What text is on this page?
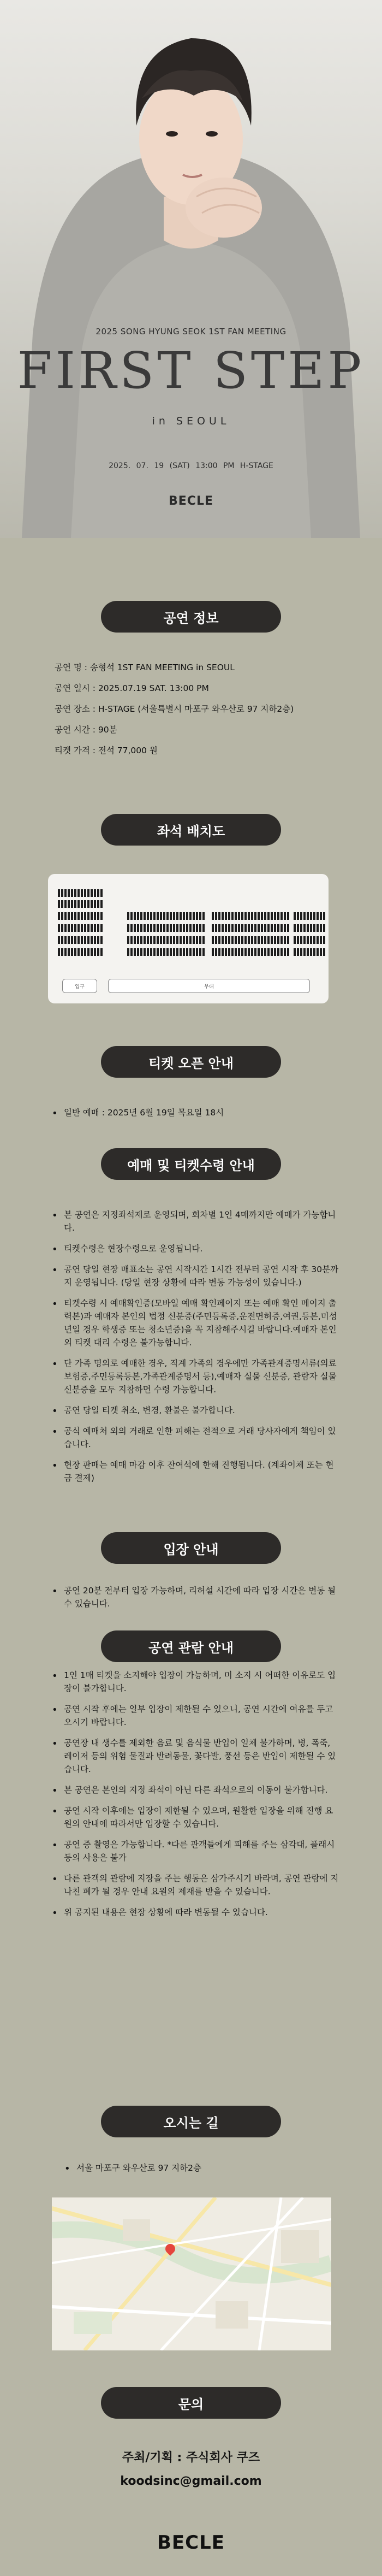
2025 SONG HYUNG SEOK 1ST FAN MEETING
FIRST STEP
in SEOUL
2025. 07. 19 (SAT) 13:00 PM H-STAGE
BECLE
공연 정보
공연 명 : 송형석 1ST FAN MEETING in SEOUL
공연 일시 : 2025.07.19 SAT. 13:00 PM
공연 장소 : H-STAGE (서울특별시 마포구 와우산로 97 지하2층)
공연 시간 : 90분
티켓 가격 : 전석 77,000 원
좌석 배치도
입구	무대
티켓 오픈 안내
• 일반 예매 : 2025년 6월 19일 목요일 18시
예매 및 티켓수령 안내
• 본 공연은 지정좌석제로 운영되며, 회차별 1인 4매까지만 예매가 가능합니다.
• 티켓수령은 현장수령으로 운영됩니다.
• 공연 당일 현장 매표소는 공연 시작시간 1시간 전부터 공연 시작 후 30분까지 운영됩니다. (당일 현장 상황에 따라 변동 가능성이 있습니다.)
• 티켓수령 시 예매확인증(모바일 예매 확인페이지 또는 예매 확인 메이지 출력본)과 예매자 본인의 법정 신분증(주민등록증,운전면허증,여권,등본,미성년일 경우 학생증 또는 청소년증)을 꼭 지참해주시길 바랍니다.예매자 본인 외 티켓 대리 수령은 불가능합니다.
• 단 가족 명의로 예매한 경우, 직계 가족의 경우에만 가족관계증명서류(의료보험증,주민등록등본,가족관계증명서 등),예매자 실물 신분증, 관람자 실물 신분증을 모두 지참하면 수령 가능합니다.
• 공연 당일 티켓 취소, 변경, 환불은 불가합니다.
• 공식 예매처 외의 거래로 인한 피해는 전적으로 거래 당사자에게 책임이 있습니다.
• 현장 판매는 예매 마감 이후 잔여석에 한해 진행됩니다. (계좌이체 또는 현금 결제)
입장 안내
• 공연 20분 전부터 입장 가능하며, 리허설 시간에 따라 입장 시간은 변동 될 수 있습니다.
공연 관람 안내
• 1인 1매 티켓을 소지해야 입장이 가능하며, 미 소지 시 어떠한 이유로도 입장이 불가합니다.
• 공연 시작 후에는 일부 입장이 제한될 수 있으니, 공연 시간에 여유를 두고 오시기 바랍니다.
• 공연장 내 생수를 제외한 음료 및 음식물 반입이 일체 불가하며, 병, 폭죽, 레이저 등의 위험 물질과 반려동물, 꽃다발, 풍선 등은 반입이 제한될 수 있습니다.
• 본 공연은 본인의 지정 좌석이 아닌 다른 좌석으로의 이동이 불가합니다.
• 공연 시작 이후에는 입장이 제한될 수 있으며, 원활한 입장을 위해 진행 요원의 안내에 따라서만 입장할 수 있습니다.
• 공연 중 촬영은 가능합니다. *다른 관객들에게 피해를 주는 삼각대, 플래시 등의 사용은 불가
• 다른 관객의 관람에 지장을 주는 행동은 삼가주시기 바라며, 공연 관람에 지나친 폐가 될 경우 안내 요원의 제재를 받을 수 있습니다.
• 위 공지된 내용은 현장 상황에 따라 변동될 수 있습니다.
오시는 길
• 서울 마포구 와우산로 97 지하2층
문의
주최/기획 : 주식회사 쿠즈
koodsinc@gmail.com
BECLE
